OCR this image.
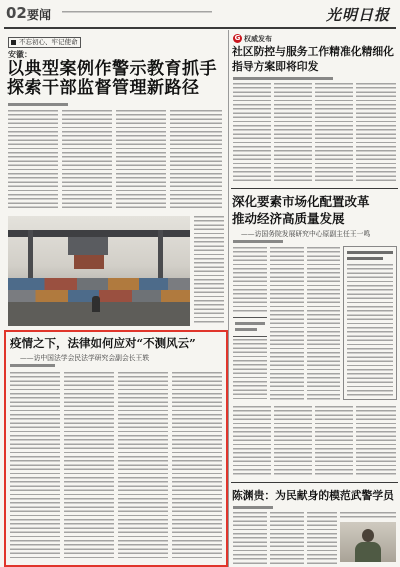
02 要闻	光明日报
不忘初心、牢记使命
安徽：
以典型案例作警示教育抓手
探索干部监督管理新路径
疫情之下，法律如何应对“不测风云”
——访中国法学会民法学研究会副会长王轶
G 权威发布
社区防控与服务工作精准化精细化
指导方案即将印发
深化要素市场化配置改革
推动经济高质量发展
——访国务院发展研究中心原副主任王一鸣
陈渊贵：为民献身的模范武警学员
